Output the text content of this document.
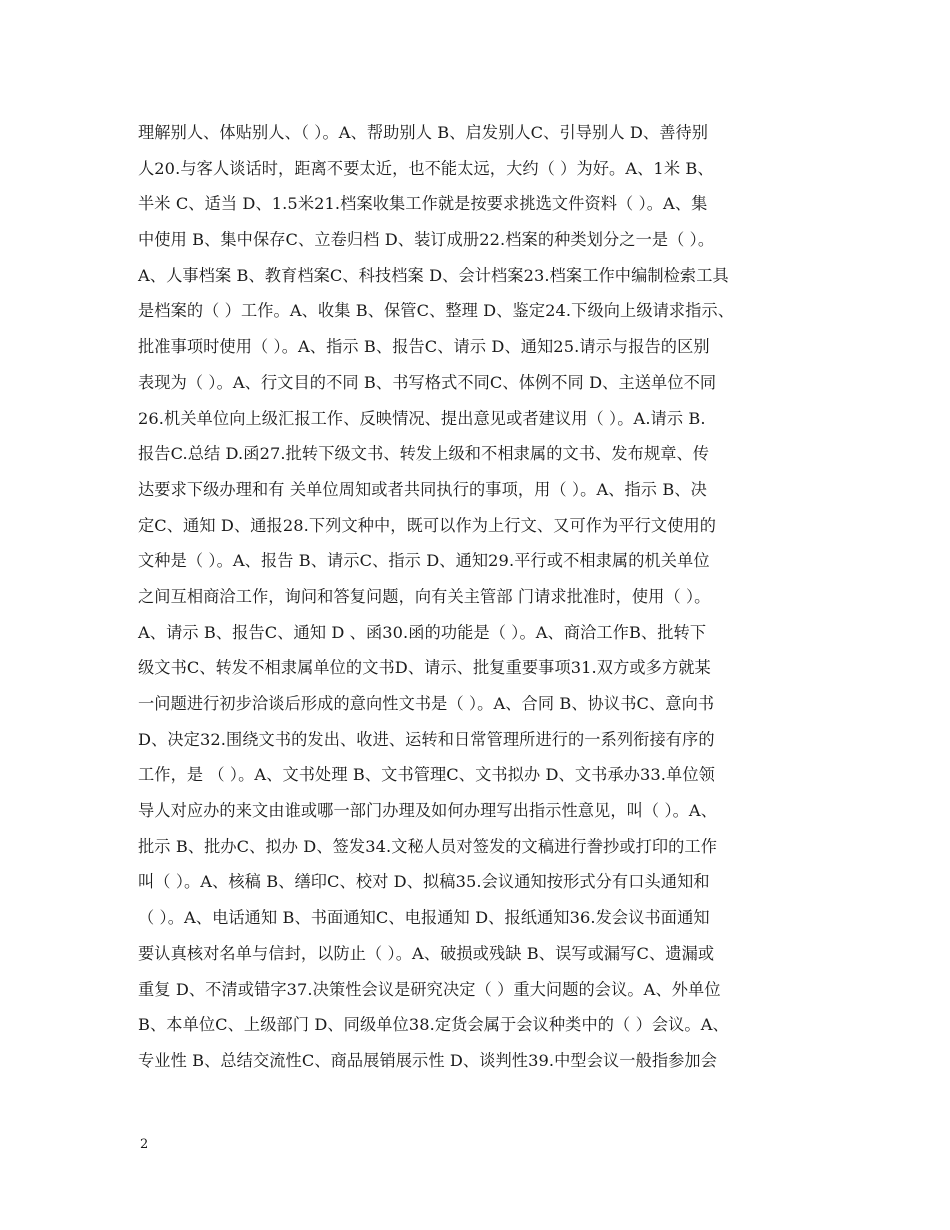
理解别人、体贴别人、（ ）。A、帮助别人 B、启发别人C、引导别人 D、善待别
人20.与客人谈话时，距离不要太近，也不能太远，大约（ ）为好。A、1米 B、
半米 C、适当 D、1.5米21.档案收集工作就是按要求挑选文件资料（ ）。A、集
中使用 B、集中保存C、立卷归档 D、装订成册22.档案的种类划分之一是（ ）。
A、人事档案 B、教育档案C、科技档案 D、会计档案23.档案工作中编制检索工具
是档案的（ ）工作。A、收集 B、保管C、整理 D、鉴定24.下级向上级请求指示、
批准事项时使用（ ）。A、指示 B、报告C、请示 D、通知25.请示与报告的区别
表现为（ ）。A、行文目的不同 B、书写格式不同C、体例不同 D、主送单位不同
26.机关单位向上级汇报工作、反映情况、提出意见或者建议用（ ）。A.请示 B.
报告C.总结 D.函27.批转下级文书、转发上级和不相隶属的文书、发布规章、传
达要求下级办理和有 关单位周知或者共同执行的事项，用（ ）。A、指示 B、决
定C、通知 D、通报28.下列文种中，既可以作为上行文、又可作为平行文使用的
文种是（ ）。A、报告 B、请示C、指示 D、通知29.平行或不相隶属的机关单位
之间互相商洽工作，询问和答复问题，向有关主管部 门请求批准时，使用（ ）。
A、请示 B、报告C、通知 D 、函30.函的功能是（ ）。A、商洽工作B、批转下
级文书C、转发不相隶属单位的文书D、请示、批复重要事项31.双方或多方就某
一问题进行初步洽谈后形成的意向性文书是（ ）。A、合同 B、协议书C、意向书
D、决定32.围绕文书的发出、收进、运转和日常管理所进行的一系列衔接有序的
工作，是 （ ）。A、文书处理 B、文书管理C、文书拟办 D、文书承办33.单位领
导人对应办的来文由谁或哪一部门办理及如何办理写出指示性意见，叫（ ）。A、
批示 B、批办C、拟办 D、签发34.文秘人员对签发的文稿进行誊抄或打印的工作
叫（ ）。A、核稿 B、缮印C、校对 D、拟稿35.会议通知按形式分有口头通知和
（ ）。A、电话通知 B、书面通知C、电报通知 D、报纸通知36.发会议书面通知
要认真核对名单与信封，以防止（ ）。A、破损或残缺 B、误写或漏写C、遗漏或
重复 D、不清或错字37.决策性会议是研究决定（ ）重大问题的会议。A、外单位
B、本单位C、上级部门 D、同级单位38.定货会属于会议种类中的（ ）会议。A、
专业性 B、总结交流性C、商品展销展示性 D、谈判性39.中型会议一般指参加会
2
